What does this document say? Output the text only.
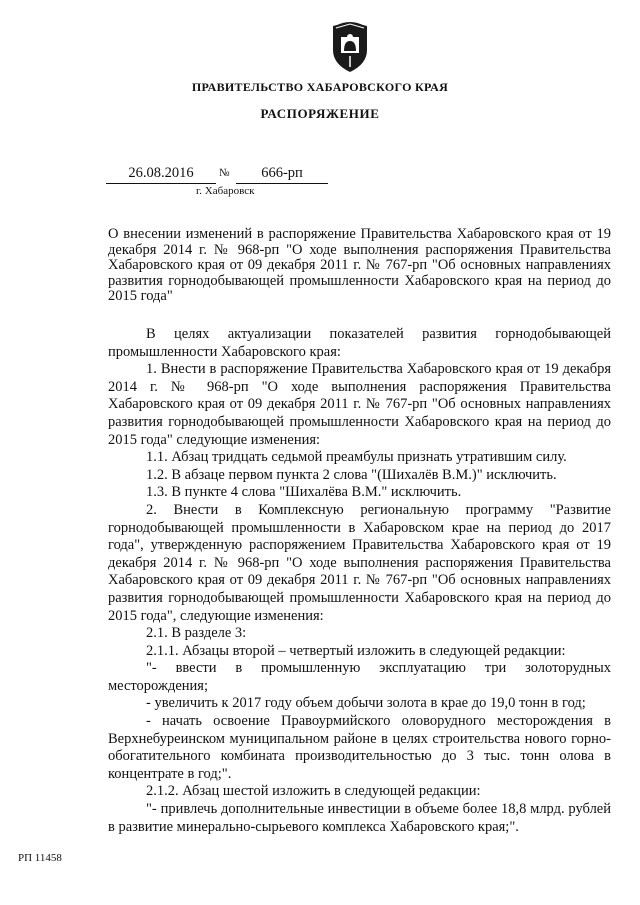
ПРАВИТЕЛЬСТВО ХАБАРОВСКОГО КРАЯ
РАСПОРЯЖЕНИЕ
26.08.2016	№	666-рп
г. Хабаровск
О внесении изменений в распоряжение Правительства Хабаровского края от 19 декабря 2014 г. № 968-рп "О ходе выполнения распоряжения Правительства Хабаровского края от 09 декабря 2011 г. № 767-рп "Об основных направлениях развития горнодобывающей промышленности Хабаровского края на период до 2015 года"

В целях актуализации показателей развития горнодобывающей промышленности Хабаровского края:

1. Внести в распоряжение Правительства Хабаровского края от 19 декабря 2014 г. № 968-рп "О ходе выполнения распоряжения Правительства Хабаровского края от 09 декабря 2011 г. № 767-рп "Об основных направлениях развития горнодобывающей промышленности Хабаровского края на период до 2015 года" следующие изменения:

1.1. Абзац тридцать седьмой преамбулы признать утратившим силу.

1.2. В абзаце первом пункта 2 слова "(Шихалёв В.М.)" исключить.

1.3. В пункте 4 слова "Шихалёва В.М." исключить.

2. Внести в Комплексную региональную программу "Развитие горнодобывающей промышленности в Хабаровском крае на период до 2017 года", утвержденную распоряжением Правительства Хабаровского края от 19 декабря 2014 г. № 968-рп "О ходе выполнения распоряжения Правительства Хабаровского края от 09 декабря 2011 г. № 767-рп "Об основных направлениях развития горнодобывающей промышленности Хабаровского края на период до 2015 года", следующие изменения:

2.1. В разделе 3:

2.1.1. Абзацы второй – четвертый изложить в следующей редакции:

"- ввести в промышленную эксплуатацию три золоторудных месторождения;

- увеличить к 2017 году объем добычи золота в крае до 19,0 тонн в год;

- начать освоение Правоурмийского оловорудного месторождения в Верхнебуреинском муниципальном районе в целях строительства нового горно-обогатительного комбината производительностью до 3 тыс. тонн олова в концентрате в год;".

2.1.2. Абзац шестой изложить в следующей редакции:

"- привлечь дополнительные инвестиции в объеме более 18,8 млрд. рублей в развитие минерально-сырьевого комплекса Хабаровского края;".

РП 11458
